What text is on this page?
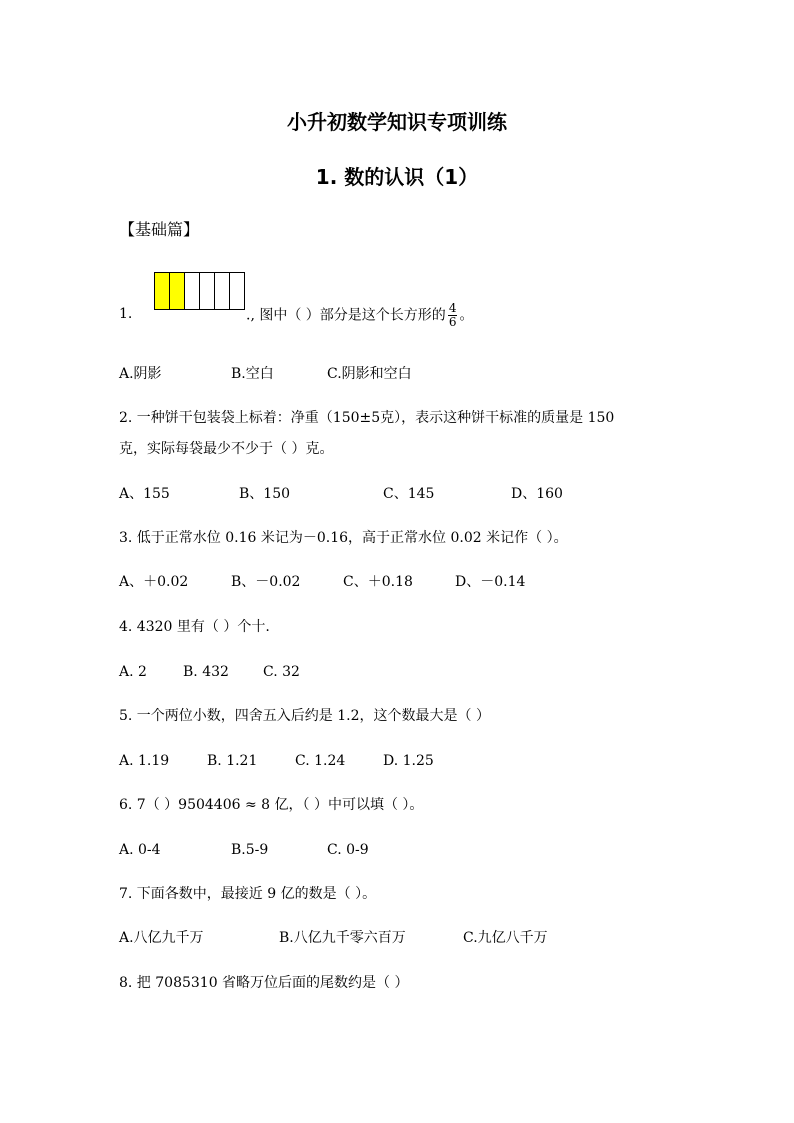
小升初数学知识专项训练
1. 数的认识（1）
【基础篇】
1.	., 图中（ ）部分是这个长方形的 $\frac{4}{6}$ 。
A.阴影	B.空白	C.阴影和空白
2. 一种饼干包装袋上标着：净重（150±5克），表示这种饼干标准的质量是 150
克，实际每袋最少不少于（ ）克。
A、155	B、150	C、145	D、160
3. 低于正常水位 0.16 米记为－0.16，高于正常水位 0.02 米记作（ ）。
A、＋0.02	B、－0.02	C、＋0.18	D、－0.14
4. 4320 里有（ ）个十.
A. 2	B. 432 C. 32
5. 一个两位小数，四舍五入后约是 1.2，这个数最大是（ ）
A. 1.19	B. 1.21	C. 1.24	D. 1.25
6. 7（ ）9504406 ≈ 8 亿，（ ）中可以填（ ）。
A. 0-4	B.5-9	C. 0-9
7. 下面各数中，最接近 9 亿的数是（ ）。
A.八亿九千万	B.八亿九千零六百万	C.九亿八千万
8. 把 7085310 省略万位后面的尾数约是（ ）
